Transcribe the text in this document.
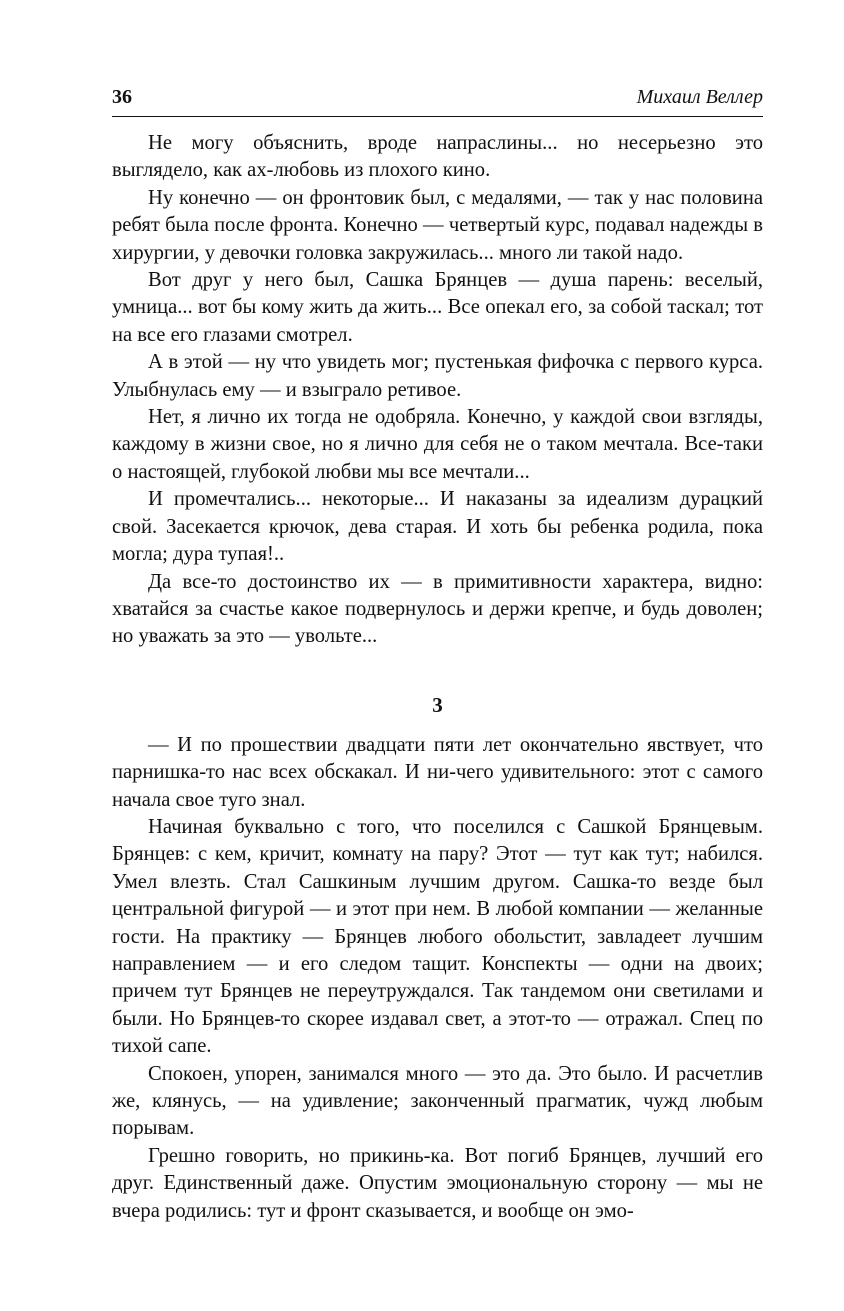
36	Михаил Веллер

Не могу объяснить, вроде напраслины... но несерьезно это выглядело, как ах-любовь из плохого кино.

Ну конечно — он фронтовик был, с медалями, — так у нас половина ребят была после фронта. Конечно — четвертый курс, подавал надежды в хирургии, у девочки головка закружилась... много ли такой надо.

Вот друг у него был, Сашка Брянцев — душа парень: веселый, умница... вот бы кому жить да жить... Все опекал его, за собой таскал; тот на все его глазами смотрел.

А в этой — ну что увидеть мог; пустенькая фифочка с первого курса. Улыбнулась ему — и взыграло ретивое.

Нет, я лично их тогда не одобряла. Конечно, у каждой свои взгляды, каждому в жизни свое, но я лично для себя не о таком мечтала. Все-таки о настоящей, глубокой любви мы все мечтали...

И промечтались... некоторые... И наказаны за идеализм дурацкий свой. Засекается крючок, дева старая. И хоть бы ребенка родила, пока могла; дура тупая!..

Да все-то достоинство их — в примитивности характера, видно: хватайся за счастье какое подвернулось и держи крепче, и будь доволен; но уважать за это — увольте...

3

— И по прошествии двадцати пяти лет окончательно явствует, что парнишка-то нас всех обскакал. И ни-чего удивительного: этот с самого начала свое туго знал.

Начиная буквально с того, что поселился с Сашкой Брянцевым. Брянцев: с кем, кричит, комнату на пару? Этот — тут как тут; набился. Умел влезть. Стал Сашкиным лучшим другом. Сашка-то везде был центральной фигурой — и этот при нем. В любой компании — желанные гости. На практику — Брянцев любого обольстит, завладеет лучшим направлением — и его следом тащит. Конспекты — одни на двоих; причем тут Брянцев не переутруждался. Так тандемом они светилами и были. Но Брянцев-то скорее издавал свет, а этот-то — отражал. Спец по тихой сапе.

Спокоен, упорен, занимался много — это да. Это было. И расчетлив же, клянусь, — на удивление; законченный прагматик, чужд любым порывам.

Грешно говорить, но прикинь-ка. Вот погиб Брянцев, лучший его друг. Единственный даже. Опустим эмоциональную сторону — мы не вчера родились: тут и фронт сказывается, и вообще он эмо-
